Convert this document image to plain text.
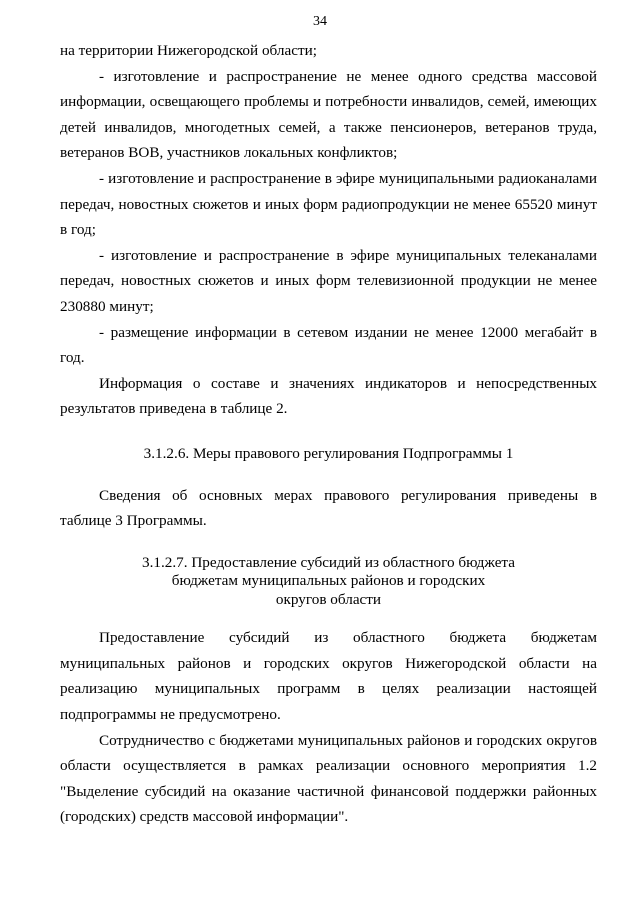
34

на территории Нижегородской области;

- изготовление и распространение не менее одного средства массовой информации, освещающего проблемы и потребности инвалидов, семей, имеющих детей инвалидов, многодетных семей, а также пенсионеров, ветеранов труда, ветеранов ВОВ, участников локальных конфликтов;

- изготовление и распространение в эфире муниципальными радиоканалами передач, новостных сюжетов и иных форм радиопродукции не менее 65520 минут в год;

- изготовление и распространение в эфире муниципальных телеканалами передач, новостных сюжетов и иных форм телевизионной продукции не менее 230880 минут;

- размещение информации в сетевом издании не менее 12000 мегабайт в год.

Информация о составе и значениях индикаторов и непосредственных результатов приведена в таблице 2.

3.1.2.6. Меры правового регулирования Подпрограммы 1

Сведения об основных мерах правового регулирования приведены в таблице 3 Программы.

3.1.2.7. Предоставление субсидий из областного бюджета
бюджетам муниципальных районов и городских
округов области

Предоставление субсидий из областного бюджета бюджетам муниципальных районов и городских округов Нижегородской области на реализацию муниципальных программ в целях реализации настоящей подпрограммы не предусмотрено.

Сотрудничество с бюджетами муниципальных районов и городских округов области осуществляется в рамках реализации основного мероприятия 1.2 "Выделение субсидий на оказание частичной финансовой поддержки районных (городских) средств массовой информации".
